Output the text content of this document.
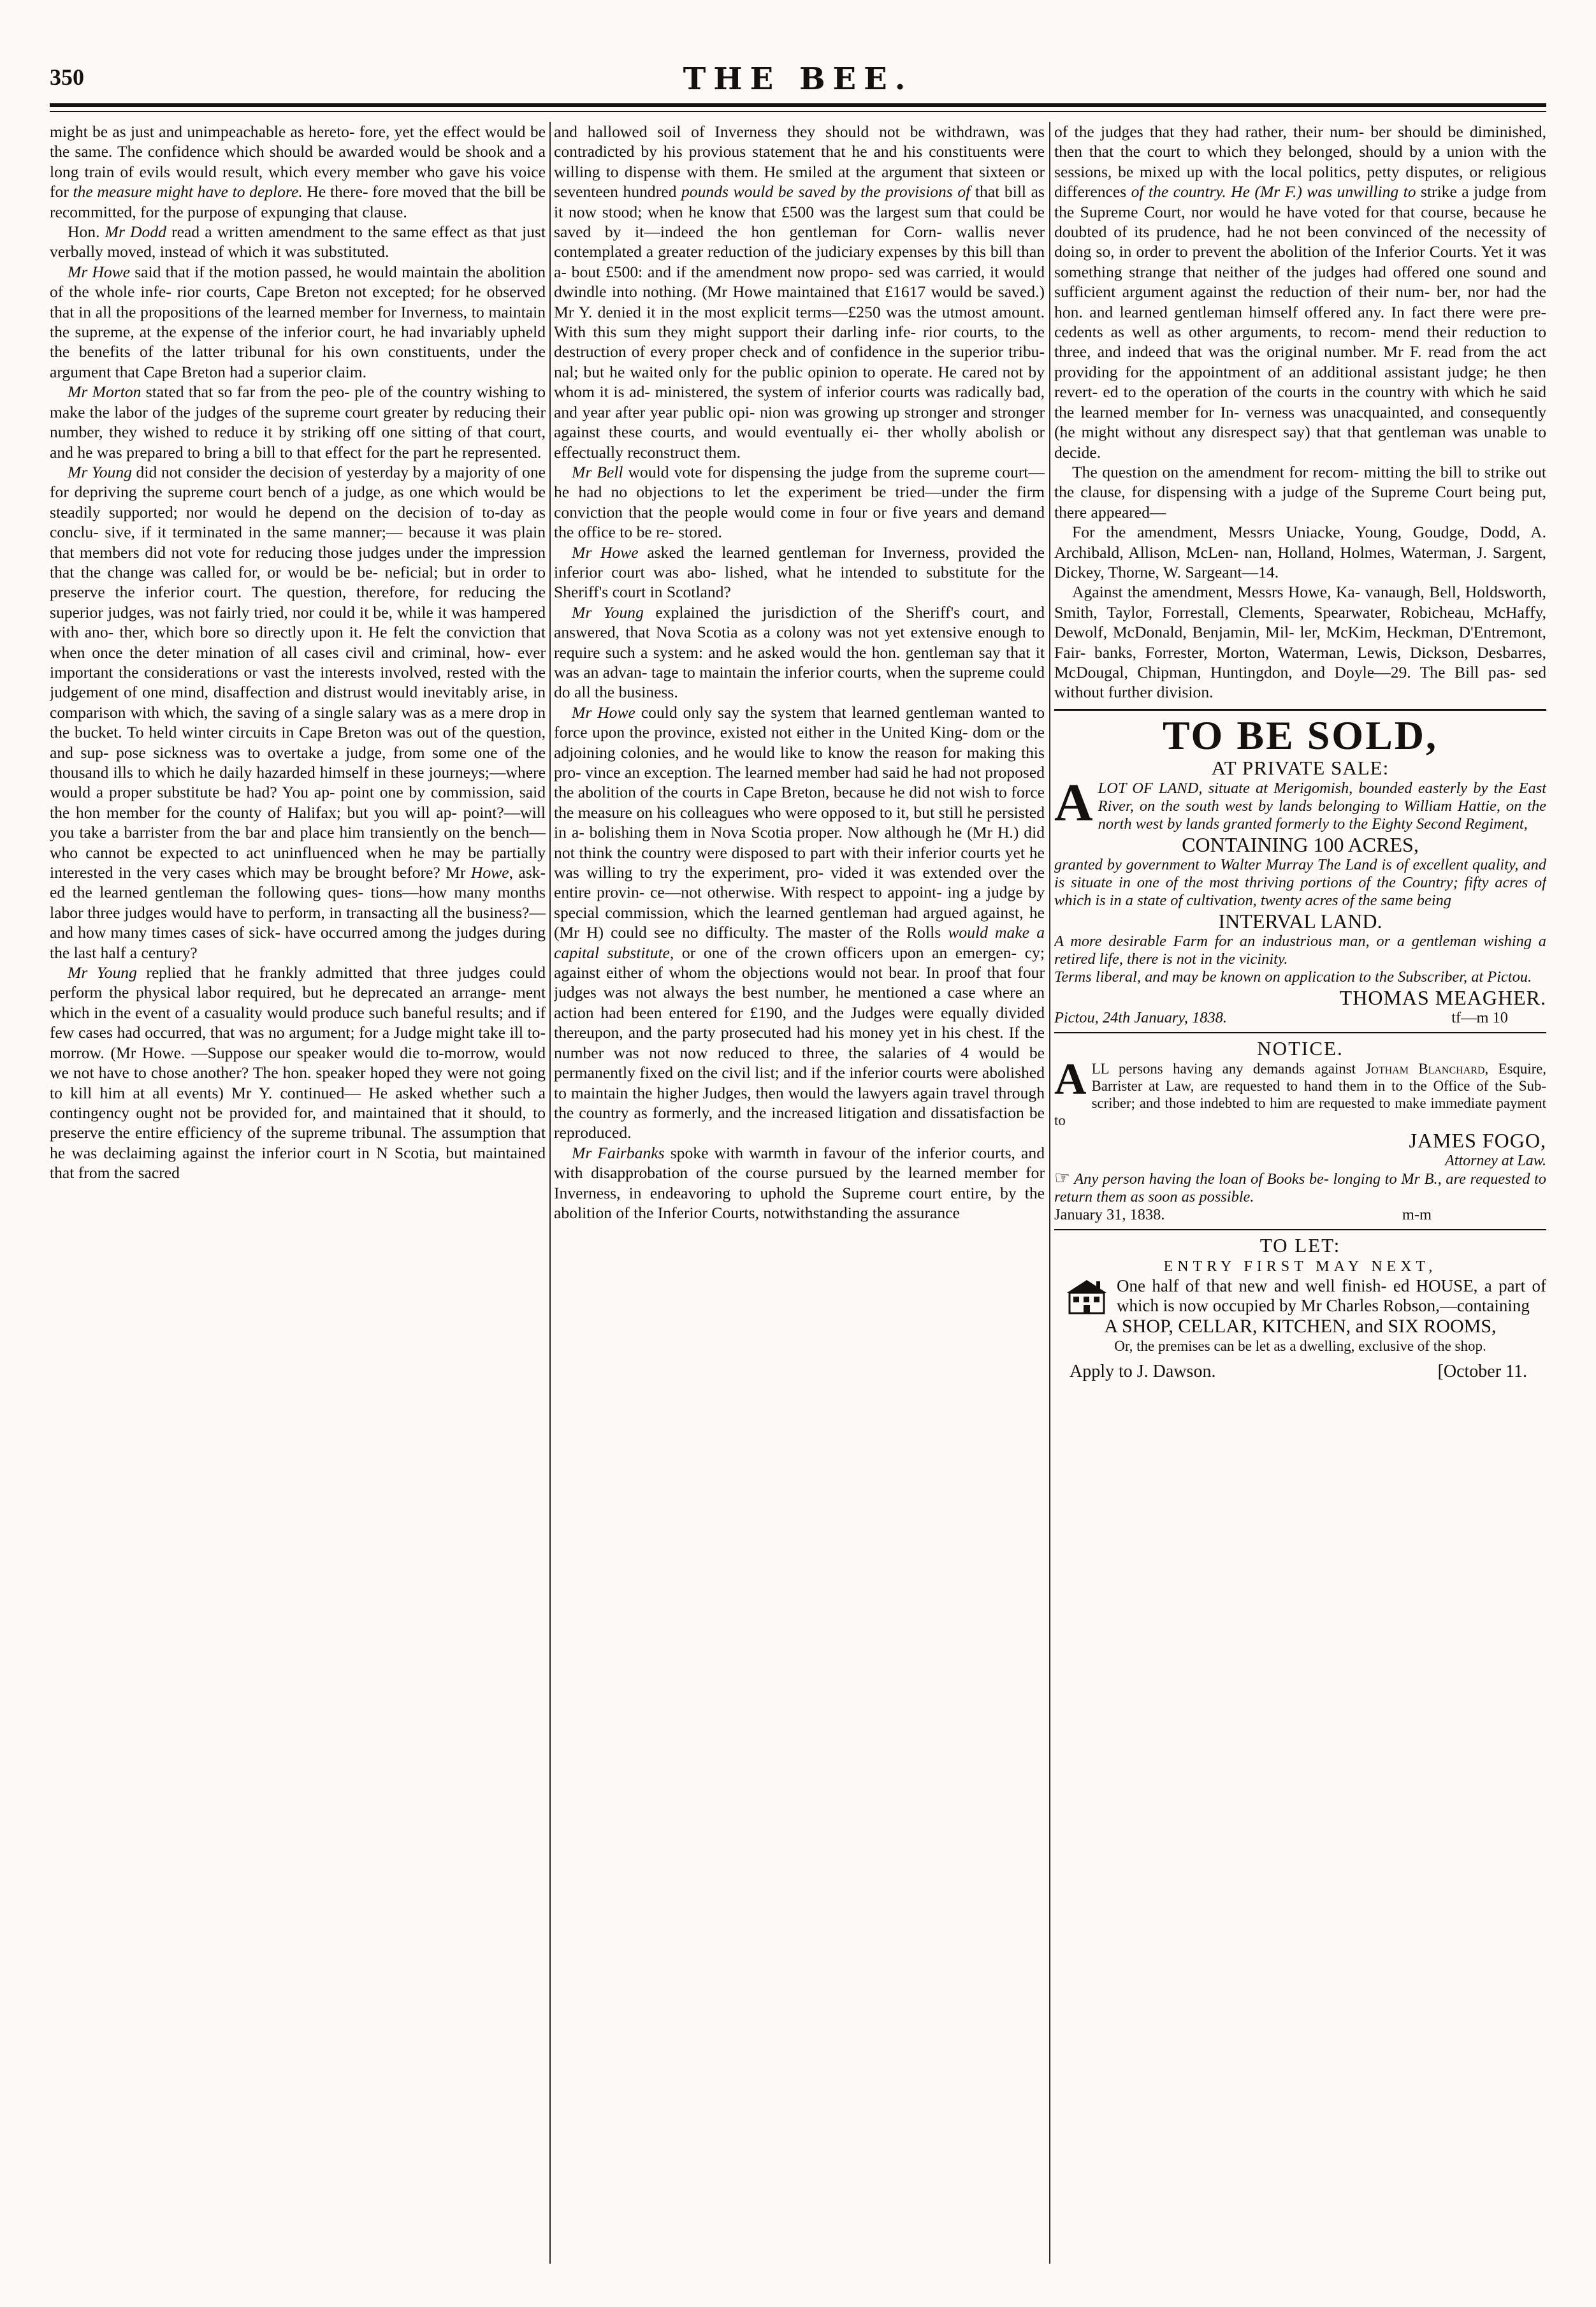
350	THE BEE.

might be as just and unimpeachable as hereto- fore, yet the effect would be the same. The confidence which should be awarded would be shook and a long train of evils would result, which every member who gave his voice for the measure might have to deplore. He there- fore moved that the bill be recommitted, for the purpose of expunging that clause.

Hon. Mr Dodd read a written amendment to the same effect as that just verbally moved, instead of which it was substituted.

Mr Howe said that if the motion passed, he would maintain the abolition of the whole infe- rior courts, Cape Breton not excepted; for he observed that in all the propositions of the learned member for Inverness, to maintain the supreme, at the expense of the inferior court, he had invariably upheld the benefits of the latter tribunal for his own constituents, under the argument that Cape Breton had a superior claim.

Mr Morton stated that so far from the peo- ple of the country wishing to make the labor of the judges of the supreme court greater by reducing their number, they wished to reduce it by striking off one sitting of that court, and he was prepared to bring a bill to that effect for the part he represented.

Mr Young did not consider the decision of yesterday by a majority of one for depriving the supreme court bench of a judge, as one which would be steadily supported; nor would he depend on the decision of to-day as conclu- sive, if it terminated in the same manner;— because it was plain that members did not vote for reducing those judges under the impression that the change was called for, or would be be- neficial; but in order to preserve the inferior court. The question, therefore, for reducing the superior judges, was not fairly tried, nor could it be, while it was hampered with ano- ther, which bore so directly upon it. He felt the conviction that when once the deter mination of all cases civil and criminal, how- ever important the considerations or vast the interests involved, rested with the judgement of one mind, disaffection and distrust would inevitably arise, in comparison with which, the saving of a single salary was as a mere drop in the bucket. To held winter circuits in Cape Breton was out of the question, and sup- pose sickness was to overtake a judge, from some one of the thousand ills to which he daily hazarded himself in these journeys;—where would a proper substitute be had? You ap- point one by commission, said the hon member for the county of Halifax; but you will ap- point?—will you take a barrister from the bar and place him transiently on the bench—who cannot be expected to act uninfluenced when he may be partially interested in the very cases which may be brought before? Mr Howe, ask- ed the learned gentleman the following ques- tions—how many months labor three judges would have to perform, in transacting all the business?—and how many times cases of sick- have occurred among the judges during the last half a century?

Mr Young replied that he frankly admitted that three judges could perform the physical labor required, but he deprecated an arrange- ment which in the event of a casuality would produce such baneful results; and if few cases had occurred, that was no argument; for a Judge might take ill to-morrow. (Mr Howe. —Suppose our speaker would die to-morrow, would we not have to chose another? The hon. speaker hoped they were not going to kill him at all events) Mr Y. continued— He asked whether such a contingency ought not be provided for, and maintained that it should, to preserve the entire efficiency of the supreme tribunal. The assumption that he was declaiming against the inferior court in N Scotia, but maintained that from the sacred

and hallowed soil of Inverness they should not be withdrawn, was contradicted by his provious statement that he and his constituents were willing to dispense with them. He smiled at the argument that sixteen or seventeen hundred pounds would be saved by the provisions of that bill as it now stood; when he know that £500 was the largest sum that could be saved by it—indeed the hon gentleman for Corn- wallis never contemplated a greater reduction of the judiciary expenses by this bill than a- bout £500: and if the amendment now propo- sed was carried, it would dwindle into nothing. (Mr Howe maintained that £1617 would be saved.) Mr Y. denied it in the most explicit terms—£250 was the utmost amount. With this sum they might support their darling infe- rior courts, to the destruction of every proper check and of confidence in the superior tribu- nal; but he waited only for the public opinion to operate. He cared not by whom it is ad- ministered, the system of inferior courts was radically bad, and year after year public opi- nion was growing up stronger and stronger against these courts, and would eventually ei- ther wholly abolish or effectually reconstruct them.

Mr Bell would vote for dispensing the judge from the supreme court—he had no objections to let the experiment be tried—under the firm conviction that the people would come in four or five years and demand the office to be re- stored.

Mr Howe asked the learned gentleman for Inverness, provided the inferior court was abo- lished, what he intended to substitute for the Sheriff's court in Scotland?

Mr Young explained the jurisdiction of the Sheriff's court, and answered, that Nova Scotia as a colony was not yet extensive enough to require such a system: and he asked would the hon. gentleman say that it was an advan- tage to maintain the inferior courts, when the supreme could do all the business.

Mr Howe could only say the system that learned gentleman wanted to force upon the province, existed not either in the United King- dom or the adjoining colonies, and he would like to know the reason for making this pro- vince an exception. The learned member had said he had not proposed the abolition of the courts in Cape Breton, because he did not wish to force the measure on his colleagues who were opposed to it, but still he persisted in a- bolishing them in Nova Scotia proper. Now although he (Mr H.) did not think the country were disposed to part with their inferior courts yet he was willing to try the experiment, pro- vided it was extended over the entire provin- ce—not otherwise. With respect to appoint- ing a judge by special commission, which the learned gentleman had argued against, he (Mr H) could see no difficulty. The master of the Rolls would make a capital substitute, or one of the crown officers upon an emergen- cy; against either of whom the objections would not bear. In proof that four judges was not always the best number, he mentioned a case where an action had been entered for £190, and the Judges were equally divided thereupon, and the party prosecuted had his money yet in his chest. If the number was not now reduced to three, the salaries of 4 would be permanently fixed on the civil list; and if the inferior courts were abolished to maintain the higher Judges, then would the lawyers again travel through the country as formerly, and the increased litigation and dissatisfaction be reproduced.

Mr Fairbanks spoke with warmth in favour of the inferior courts, and with disapprobation of the course pursued by the learned member for Inverness, in endeavoring to uphold the Supreme court entire, by the abolition of the Inferior Courts, notwithstanding the assurance

of the judges that they had rather, their num- ber should be diminished, then that the court to which they belonged, should by a union with the sessions, be mixed up with the local politics, petty disputes, or religious differences of the country. He (Mr F.) was unwilling to strike a judge from the Supreme Court, nor would he have voted for that course, because he doubted of its prudence, had he not been convinced of the necessity of doing so, in order to prevent the abolition of the Inferior Courts. Yet it was something strange that neither of the judges had offered one sound and sufficient argument against the reduction of their num- ber, nor had the hon. and learned gentleman himself offered any. In fact there were pre- cedents as well as other arguments, to recom- mend their reduction to three, and indeed that was the original number. Mr F. read from the act providing for the appointment of an additional assistant judge; he then revert- ed to the operation of the courts in the country with which he said the learned member for In- verness was unacquainted, and consequently (he might without any disrespect say) that that gentleman was unable to decide.

The question on the amendment for recom- mitting the bill to strike out the clause, for dispensing with a judge of the Supreme Court being put, there appeared—

For the amendment, Messrs Uniacke, Young, Goudge, Dodd, A. Archibald, Allison, McLen- nan, Holland, Holmes, Waterman, J. Sargent, Dickey, Thorne, W. Sargeant—14.

Against the amendment, Messrs Howe, Ka- vanaugh, Bell, Holdsworth, Smith, Taylor, Forrestall, Clements, Spearwater, Robicheau, McHaffy, Dewolf, McDonald, Benjamin, Mil- ler, McKim, Heckman, D'Entremont, Fair- banks, Forrester, Morton, Waterman, Lewis, Dickson, Desbarres, McDougal, Chipman, Huntingdon, and Doyle—29. The Bill pas- sed without further division.

TO BE SOLD,
AT PRIVATE SALE:
ALOT OF LAND, situate at Merigomish, bounded easterly by the East River, on the south west by lands belonging to William Hattie, on the north west by lands granted formerly to the Eighty Second Regiment,
CONTAINING 100 ACRES,
granted by government to Walter Murray The Land is of excellent quality, and is situate in one of the most thriving portions of the Country; fifty acres of which is in a state of cultivation, twenty acres of the same being
INTERVAL LAND.
A more desirable Farm for an industrious man, or a gentleman wishing a retired life, there is not in the vicinity.
Terms liberal, and may be known on application to the Subscriber, at Pictou.
THOMAS MEAGHER.
tf—m 10
Pictou, 24th January, 1838.
NOTICE.
ALL persons having any demands against Jotham Blanchard, Esquire, Barrister at Law, are requested to hand them in to the Office of the Sub- scriber; and those indebted to him are requested to make immediate payment to
JAMES FOGO,
Attorney at Law.
☞ Any person having the loan of Books be- longing to Mr B., are requested to return them as soon as possible.
m-m
January 31, 1838.
TO LET:
ENTRY FIRST MAY NEXT,
One half of that new and well finish- ed HOUSE, a part of which is now occupied by Mr Charles Robson,—containing
A SHOP, CELLAR, KITCHEN, and SIX ROOMS,
Or, the premises can be let as a dwelling, exclusive of the shop.
[October 11.
Apply to J. Dawson.
